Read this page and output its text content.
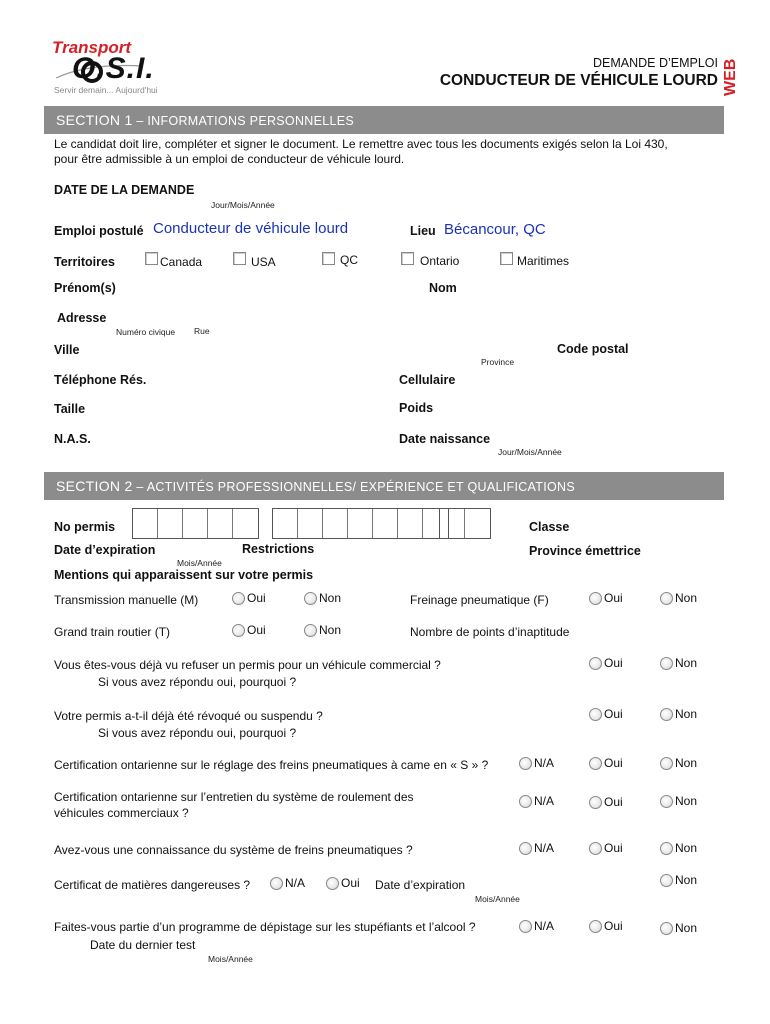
Transport
O.S.I.
Servir demain... Aujourd'hui
DEMANDE D’EMPLOI
CONDUCTEUR DE VÉHICULE LOURD WEB
SECTION 1 – INFORMATIONS PERSONNELLES
Le candidat doit lire, compléter et signer le document. Le remettre avec tous les documents exigés selon la Loi 430,
pour être admissible à un emploi de conducteur de véhicule lourd.
DATE DE LA DEMANDE
Jour/Mois/Année
Emploi postulé Conducteur de véhicule lourd	Lieu Bécancour, QC
Territoires	Canada	USA	QC	Ontario	Maritimes
Prénom(s)	Nom
Adresse
Numéro civique Rue
Ville	Code postal
Province
Téléphone Rés.	Cellulaire
Taille	Poids
N.A.S.	Date naissance
Jour/Mois/Année
SECTION 2 – ACTIVITÉS PROFESSIONNELLES/ EXPÉRIENCE ET QUALIFICATIONS
No permis	Classe
Date d’expiration
Mois/Année
Restrictions	Province émettrice
Mentions qui apparaissent sur votre permis
Transmission manuelle (M)	Oui	Non	Freinage pneumatique (F)	Oui	Non
Grand train routier (T)	Oui	Non	Nombre de points d’inaptitude
Vous êtes-vous déjà vu refuser un permis pour un véhicule commercial ?
Si vous avez répondu oui, pourquoi ?
Oui	Non
Votre permis a-t-il déjà été révoqué ou suspendu ?
Si vous avez répondu oui, pourquoi ?
Oui	Non
Certification ontarienne sur le réglage des freins pneumatiques à came en « S » ?	N/A	Oui	Non
Certification ontarienne sur l’entretien du système de roulement des
véhicules commerciaux ?
N/A	Oui	Non
Avez-vous une connaissance du système de freins pneumatiques ?	N/A	Oui	Non
Certificat de matières dangereuses ?	N/A	Oui Date d’expiration
Mois/Année
Non
Faites-vous partie d’un programme de dépistage sur les stupéfiants et l’alcool ?
Date du dernier test
Mois/Année
N/A	Oui	Non
